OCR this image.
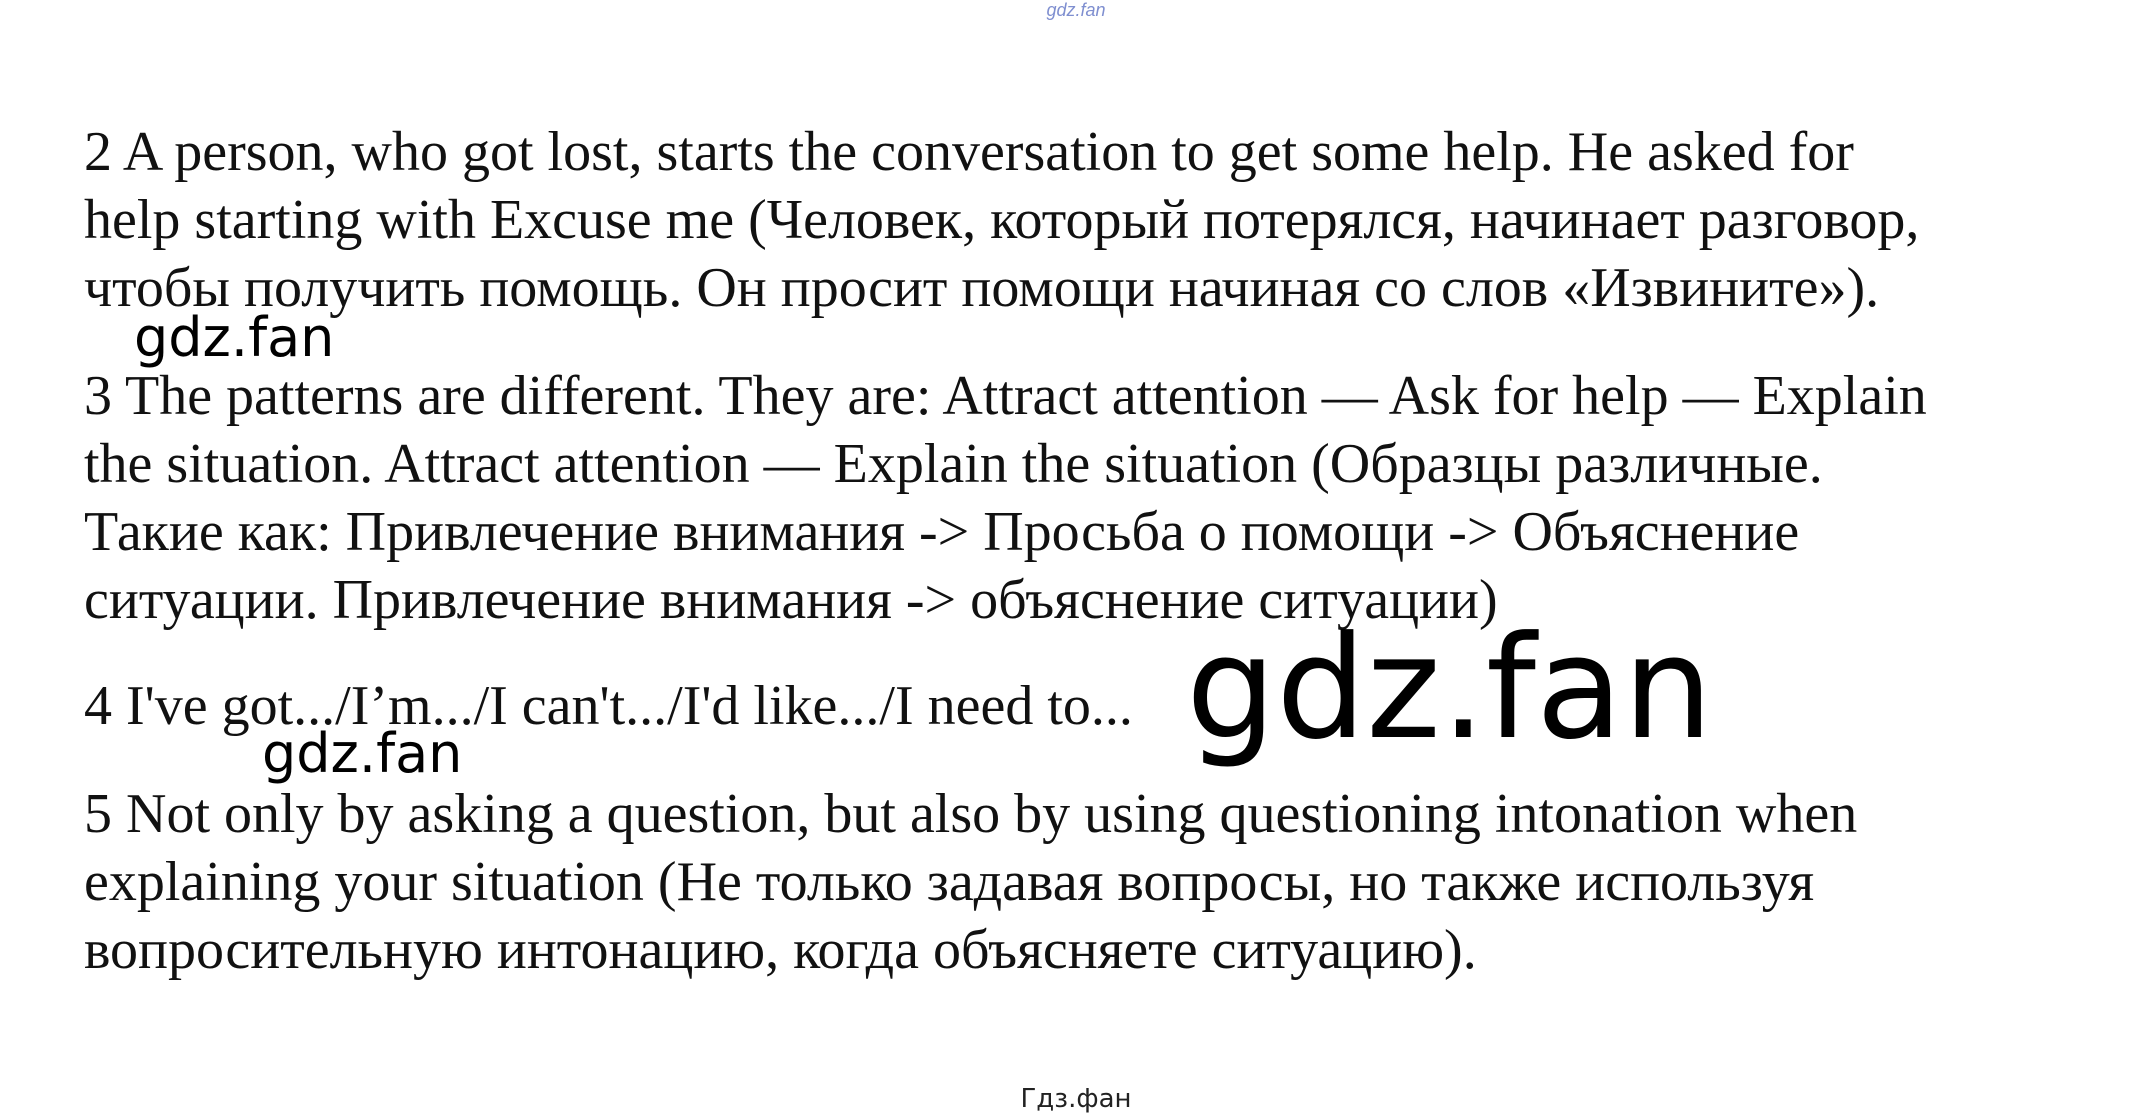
gdz.fan
2 A person, who got lost, starts the conversation to get some help. He asked for
help starting with Excuse me (Человек, который потерялся, начинает разговор,
чтобы получить помощь. Он просит помощи начиная со слов «Извините»).
3 The patterns are different. They are: Attract attention — Ask for help — Explain
the situation. Attract attention — Explain the situation (Образцы различные.
Такие как: Привлечение внимания -> Просьба о помощи -> Объяснение
ситуации. Привлечение внимания -> объяснение ситуации)
4 I've got.../I’m.../I can't.../I'd like.../I need to...
5 Not only by asking a question, but also by using questioning intonation when
explaining your situation (Не только задавая вопросы, но также используя
вопросительную интонацию, когда объясняете ситуацию).
gdz.fan
gdz.fan
gdz.fan
Гдз.фан
